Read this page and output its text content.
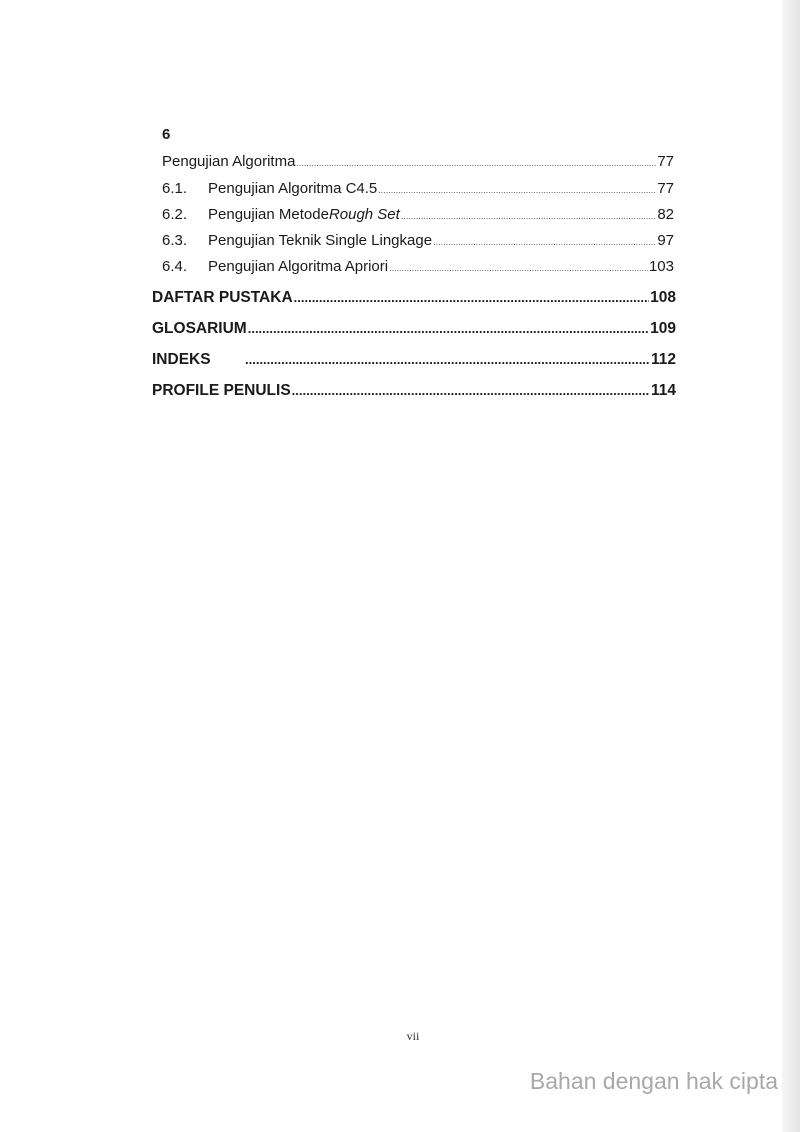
6
Pengujian Algoritma .....	77
6.1.	Pengujian Algoritma C4.5 .....	77
6.2.	Pengujian Metode Rough Set .....	82
6.3.	Pengujian Teknik Single Lingkage .....	97
6.4.	Pengujian Algoritma Apriori .....	103
DAFTAR PUSTAKA .....	108
GLOSARIUM .....	109
INDEKS .....	112
PROFILE PENULIS .....	114
vii
Bahan dengan hak cipta
